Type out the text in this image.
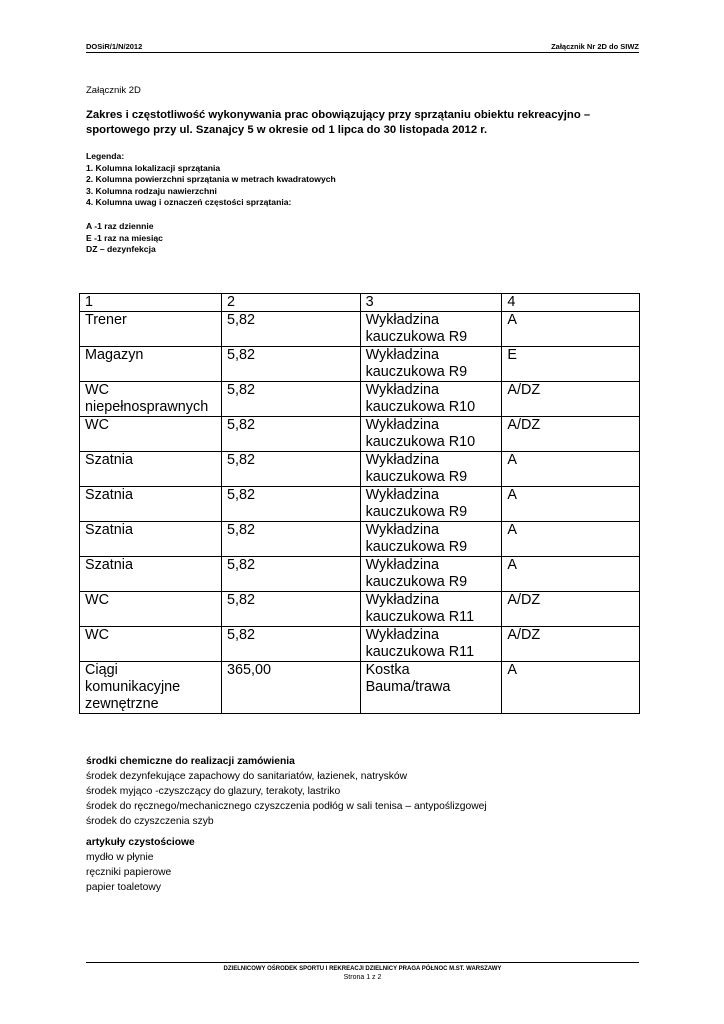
DOSiR/1/N/2012	Załącznik Nr 2D do SIWZ
Załącznik 2D
Zakres i częstotliwość wykonywania prac obowiązujący przy sprzątaniu obiektu rekreacyjno – sportowego przy ul. Szanajcy 5 w okresie od 1 lipca do 30 listopada 2012 r.
Legenda:
1. Kolumna lokalizacji sprzątania
2. Kolumna powierzchni sprzątania w metrach kwadratowych
3. Kolumna rodzaju nawierzchni
4. Kolumna uwag i oznaczeń częstości sprzątania:
A -1 raz dziennie
E -1 raz na miesiąc
DZ – dezynfekcja
1	2	3	4
Trener	5,82	Wykładzina kauczukowa R9	A
Magazyn	5,82	Wykładzina kauczukowa R9	E
WC niepełnosprawnych	5,82	Wykładzina kauczukowa R10	A/DZ
WC	5,82	Wykładzina kauczukowa R10	A/DZ
Szatnia	5,82	Wykładzina kauczukowa R9	A
Szatnia	5,82	Wykładzina kauczukowa R9	A
Szatnia	5,82	Wykładzina kauczukowa R9	A
Szatnia	5,82	Wykładzina kauczukowa R9	A
WC	5,82	Wykładzina kauczukowa R11	A/DZ
WC	5,82	Wykładzina kauczukowa R11	A/DZ
Ciągi komunikacyjne zewnętrzne	365,00	Kostka Bauma/trawa	A
środki chemiczne do realizacji zamówienia
środek dezynfekujące zapachowy do sanitariatów, łazienek, natrysków
środek myjąco -czyszczący do glazury, terakoty, lastriko
środek do ręcznego/mechanicznego czyszczenia podłóg w sali tenisa – antypoślizgowej
środek do czyszczenia szyb
artykuły czystościowe
mydło w płynie
ręczniki papierowe
papier toaletowy
DZIELNICOWY OŚRODEK SPORTU I REKREACJI DZIELNICY PRAGA PÓŁNOC M.ST. WARSZAWY
Strona 1 z 2
